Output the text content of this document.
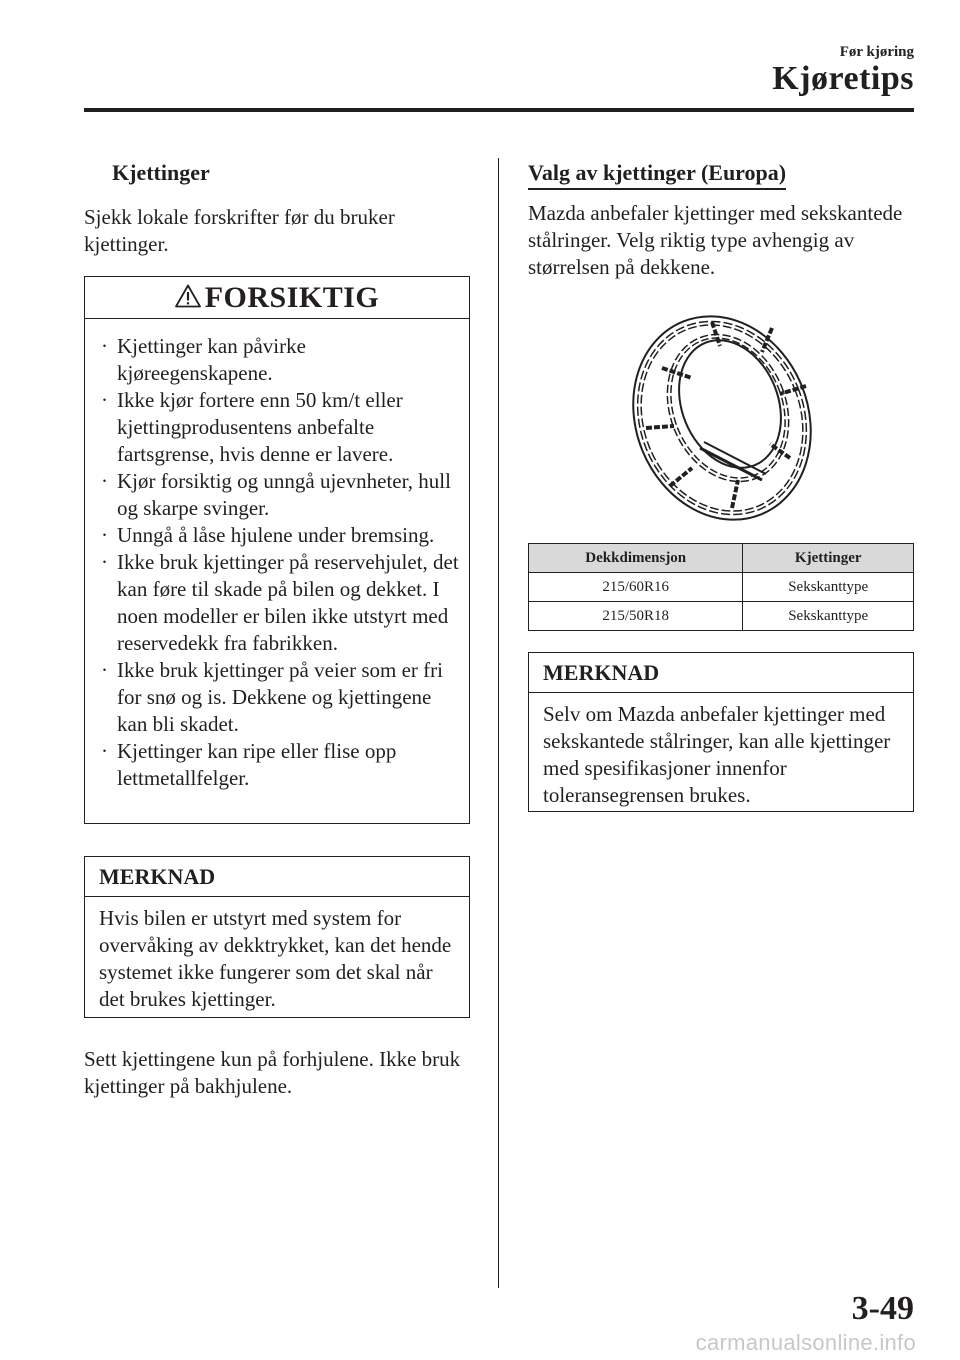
Før kjøring
Kjøretips
Kjettinger
Sjekk lokale forskrifter før du bruker kjettinger.
FORSIKTIG
· Kjettinger kan påvirke kjøreegenskapene.
· Ikke kjør fortere enn 50 km/t eller kjettingprodusentens anbefalte fartsgrense, hvis denne er lavere.
· Kjør forsiktig og unngå ujevnheter, hull og skarpe svinger.
· Unngå å låse hjulene under bremsing.
· Ikke bruk kjettinger på reservehjulet, det kan føre til skade på bilen og dekket. I noen modeller er bilen ikke utstyrt med reservedekk fra fabrikken.
· Ikke bruk kjettinger på veier som er fri for snø og is. Dekkene og kjettingene kan bli skadet.
· Kjettinger kan ripe eller flise opp lettmetallfelger.
MERKNAD
Hvis bilen er utstyrt med system for overvåking av dekktrykket, kan det hende systemet ikke fungerer som det skal når det brukes kjettinger.
Sett kjettingene kun på forhjulene. Ikke bruk kjettinger på bakhjulene.
Valg av kjettinger (Europa)
Mazda anbefaler kjettinger med sekskantede stålringer. Velg riktig type avhengig av størrelsen på dekkene.
Dekkdimensjon	Kjettinger
215/60R16	Sekskanttype
215/50R18	Sekskanttype
MERKNAD
Selv om Mazda anbefaler kjettinger med sekskantede stålringer, kan alle kjettinger med spesifikasjoner innenfor toleransegrensen brukes.
3-49
carmanualsonline.info
